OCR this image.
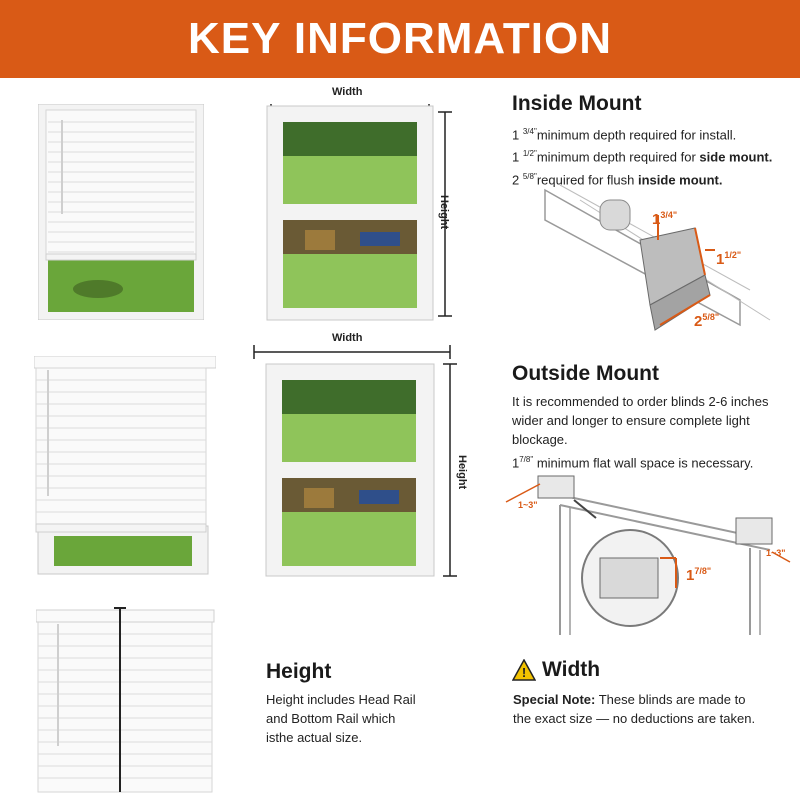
KEY INFORMATION
Width
Height
Inside Mount
1 $^{3/4"}$minimum depth required for install.
1 $^{1/2"}$minimum depth required for side mount.
2 $^{5/8"}$required for flush inside mount.
$1^{3/4"}$
$1^{1/2"}$
$2^{5/8"}$
Width
Height
Outside Mount
It is recommended to order blinds 2-6 inches wider and longer to ensure complete light blockage.
$1^{7/8"}$ minimum flat wall space is necessary.
1~3"
1~3"
$1^{7/8"}$
Height
Height includes Head Rail and Bottom Rail which isthe actual size.
! Width
Special Note: These blinds are made to the exact size — no deductions are taken.
